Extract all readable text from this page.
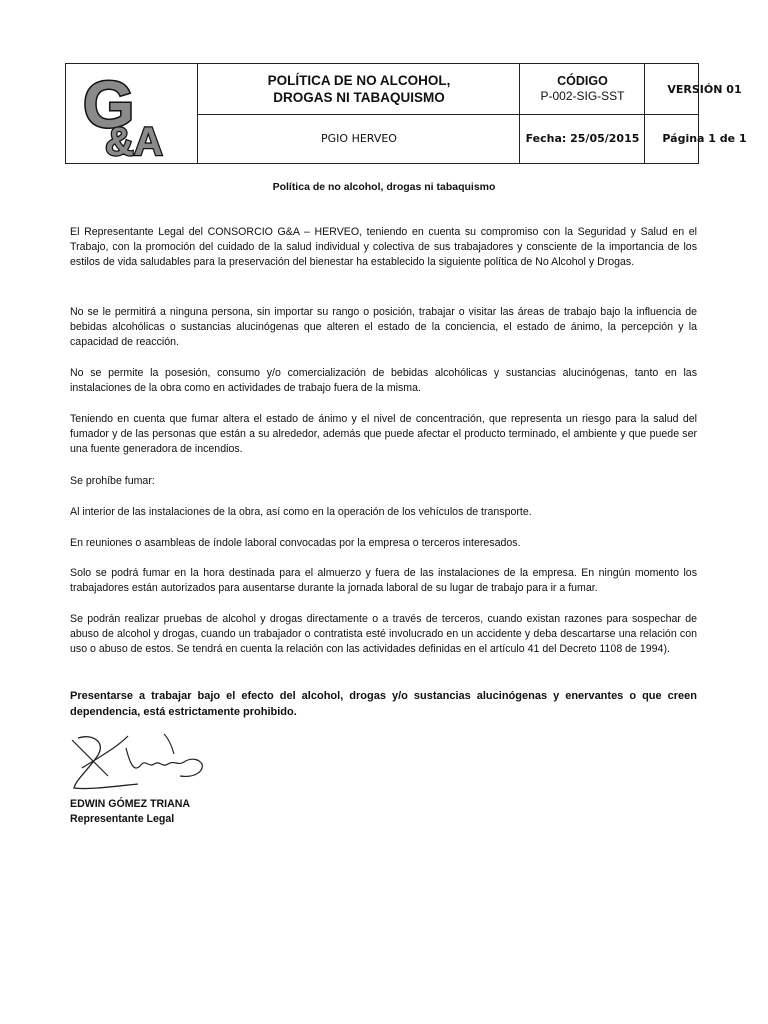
G
&A
POLÍTICA DE NO ALCOHOL,
DROGAS NI TABAQUISMO
CÓDIGO
P-002-SIG-SST	VERSIÓN 01
PGIO HERVEO	Fecha: 25/05/2015 Página 1 de 1
Política de no alcohol, drogas ni tabaquismo

El Representante Legal del CONSORCIO G&A – HERVEO, teniendo en cuenta su compromiso con la Seguridad y Salud en el Trabajo, con la promoción del cuidado de la salud individual y colectiva de sus trabajadores y consciente de la importancia de los estilos de vida saludables para la preservación del bienestar ha establecido la siguiente política de No Alcohol y Drogas.

No se le permitirá a ninguna persona, sin importar su rango o posición, trabajar o visitar las áreas de trabajo bajo la influencia de bebidas alcohólicas o sustancias alucinógenas que alteren el estado de la conciencia, el estado de ánimo, la percepción y la capacidad de reacción.

No se permite la posesión, consumo y/o comercialización de bebidas alcohólicas y sustancias alucinógenas, tanto en las instalaciones de la obra como en actividades de trabajo fuera de la misma.

Teniendo en cuenta que fumar altera el estado de ánimo y el nivel de concentración, que representa un riesgo para la salud del fumador y de las personas que están a su alrededor, además que puede afectar el producto terminado, el ambiente y que puede ser una fuente generadora de incendios.

Se prohíbe fumar:

Al interior de las instalaciones de la obra, así como en la operación de los vehículos de transporte.

En reuniones o asambleas de índole laboral convocadas por la empresa o terceros interesados.

Solo se podrá fumar en la hora destinada para el almuerzo y fuera de las instalaciones de la empresa. En ningún momento los trabajadores están autorizados para ausentarse durante la jornada laboral de su lugar de trabajo para ir a fumar.

Se podrán realizar pruebas de alcohol y drogas directamente o a través de terceros, cuando existan razones para sospechar de abuso de alcohol y drogas, cuando un trabajador o contratista esté involucrado en un accidente y deba descartarse una relación con uso o abuso de estos. Se tendrá en cuenta la relación con las actividades definidas en el artículo 41 del Decreto 1108 de 1994).

Presentarse a trabajar bajo el efecto del alcohol, drogas y/o sustancias alucinógenas y enervantes o que creen dependencia, está estrictamente prohibido.

EDWIN GÓMEZ TRIANA
Representante Legal
